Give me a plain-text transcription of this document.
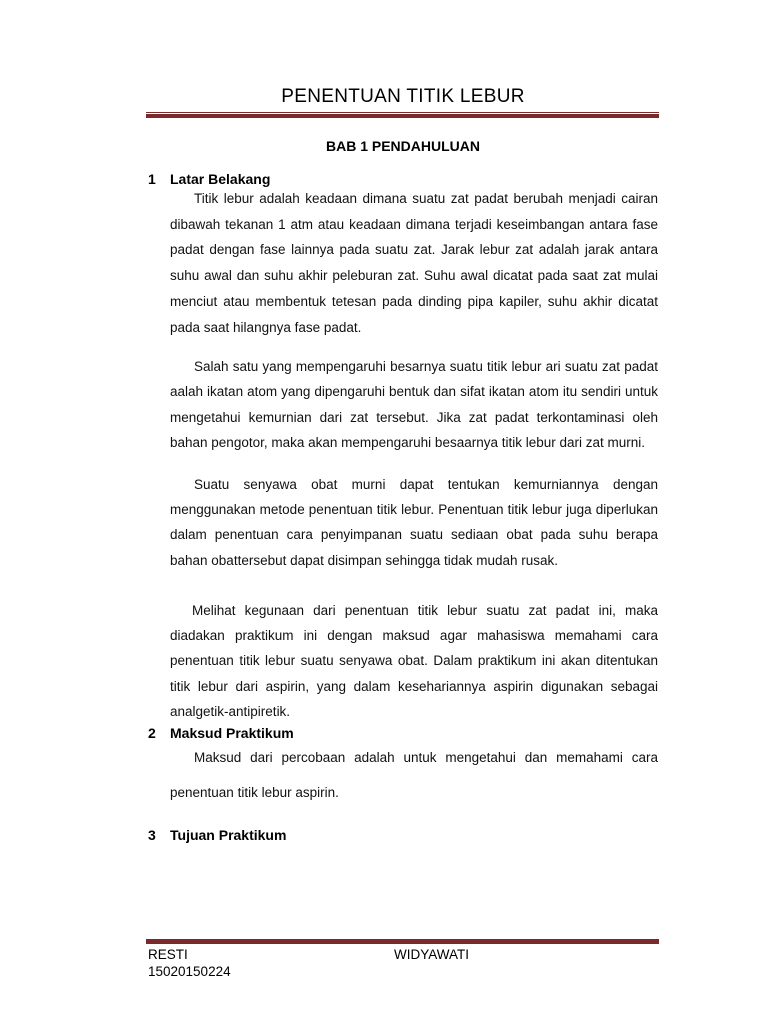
PENENTUAN TITIK LEBUR
BAB 1 PENDAHULUAN
1 Latar Belakang
Titik lebur adalah keadaan dimana suatu zat padat berubah menjadi cairan dibawah tekanan 1 atm atau keadaan dimana terjadi keseimbangan antara fase padat dengan fase lainnya pada suatu zat. Jarak lebur zat adalah jarak antara suhu awal dan suhu akhir peleburan zat. Suhu awal dicatat pada saat zat mulai menciut atau membentuk tetesan pada dinding pipa kapiler, suhu akhir dicatat pada saat hilangnya fase padat.
Salah satu yang mempengaruhi besarnya suatu titik lebur ari suatu zat padat aalah ikatan atom yang dipengaruhi bentuk dan sifat ikatan atom itu sendiri untuk mengetahui kemurnian dari zat tersebut. Jika zat padat terkontaminasi oleh bahan pengotor, maka akan mempengaruhi besaarnya titik lebur dari zat murni.
Suatu senyawa obat murni dapat tentukan kemurniannya dengan menggunakan metode penentuan titik lebur. Penentuan titik lebur juga diperlukan dalam penentuan cara penyimpanan suatu sediaan obat pada suhu berapa bahan obattersebut dapat disimpan sehingga tidak mudah rusak.
Melihat kegunaan dari penentuan titik lebur suatu zat padat ini, maka diadakan praktikum ini dengan maksud agar mahasiswa memahami cara penentuan titik lebur suatu senyawa obat. Dalam praktikum ini akan ditentukan titik lebur dari aspirin, yang dalam kesehariannya aspirin digunakan sebagai analgetik-antipiretik.
2 Maksud Praktikum
Maksud dari percobaan adalah untuk mengetahui dan memahami cara penentuan titik lebur aspirin.
3 Tujuan Praktikum
RESTI
15020150224
WIDYAWATI
